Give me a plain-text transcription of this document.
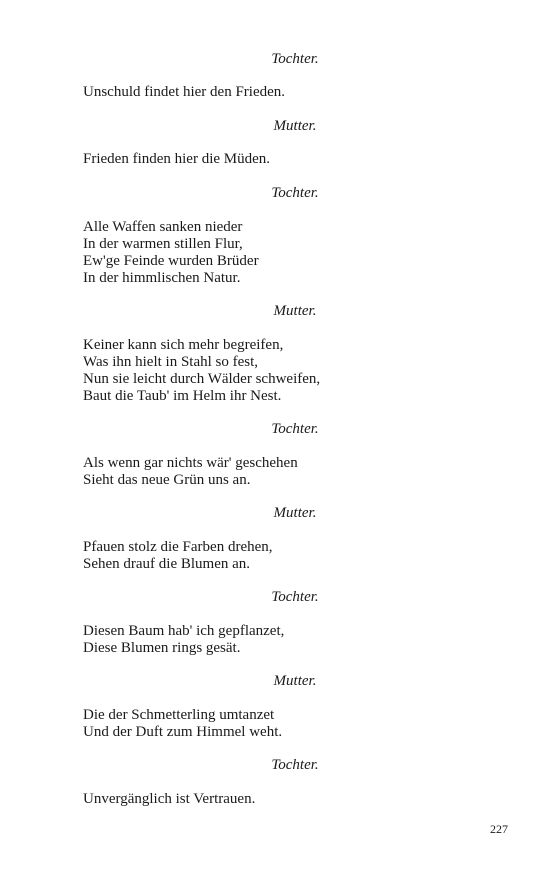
Tochter.
Unschuld findet hier den Frieden.
Mutter.
Frieden finden hier die Müden.
Tochter.
Alle Waffen sanken nieder
In der warmen stillen Flur,
Ew'ge Feinde wurden Brüder
In der himmlischen Natur.
Mutter.
Keiner kann sich mehr begreifen,
Was ihn hielt in Stahl so fest,
Nun sie leicht durch Wälder schweifen,
Baut die Taub' im Helm ihr Nest.
Tochter.
Als wenn gar nichts wär' geschehen
Sieht das neue Grün uns an.
Mutter.
Pfauen stolz die Farben drehen,
Sehen drauf die Blumen an.
Tochter.
Diesen Baum hab' ich gepflanzet,
Diese Blumen rings gesät.
Mutter.
Die der Schmetterling umtanzet
Und der Duft zum Himmel weht.
Tochter.
Unvergänglich ist Vertrauen.
227
